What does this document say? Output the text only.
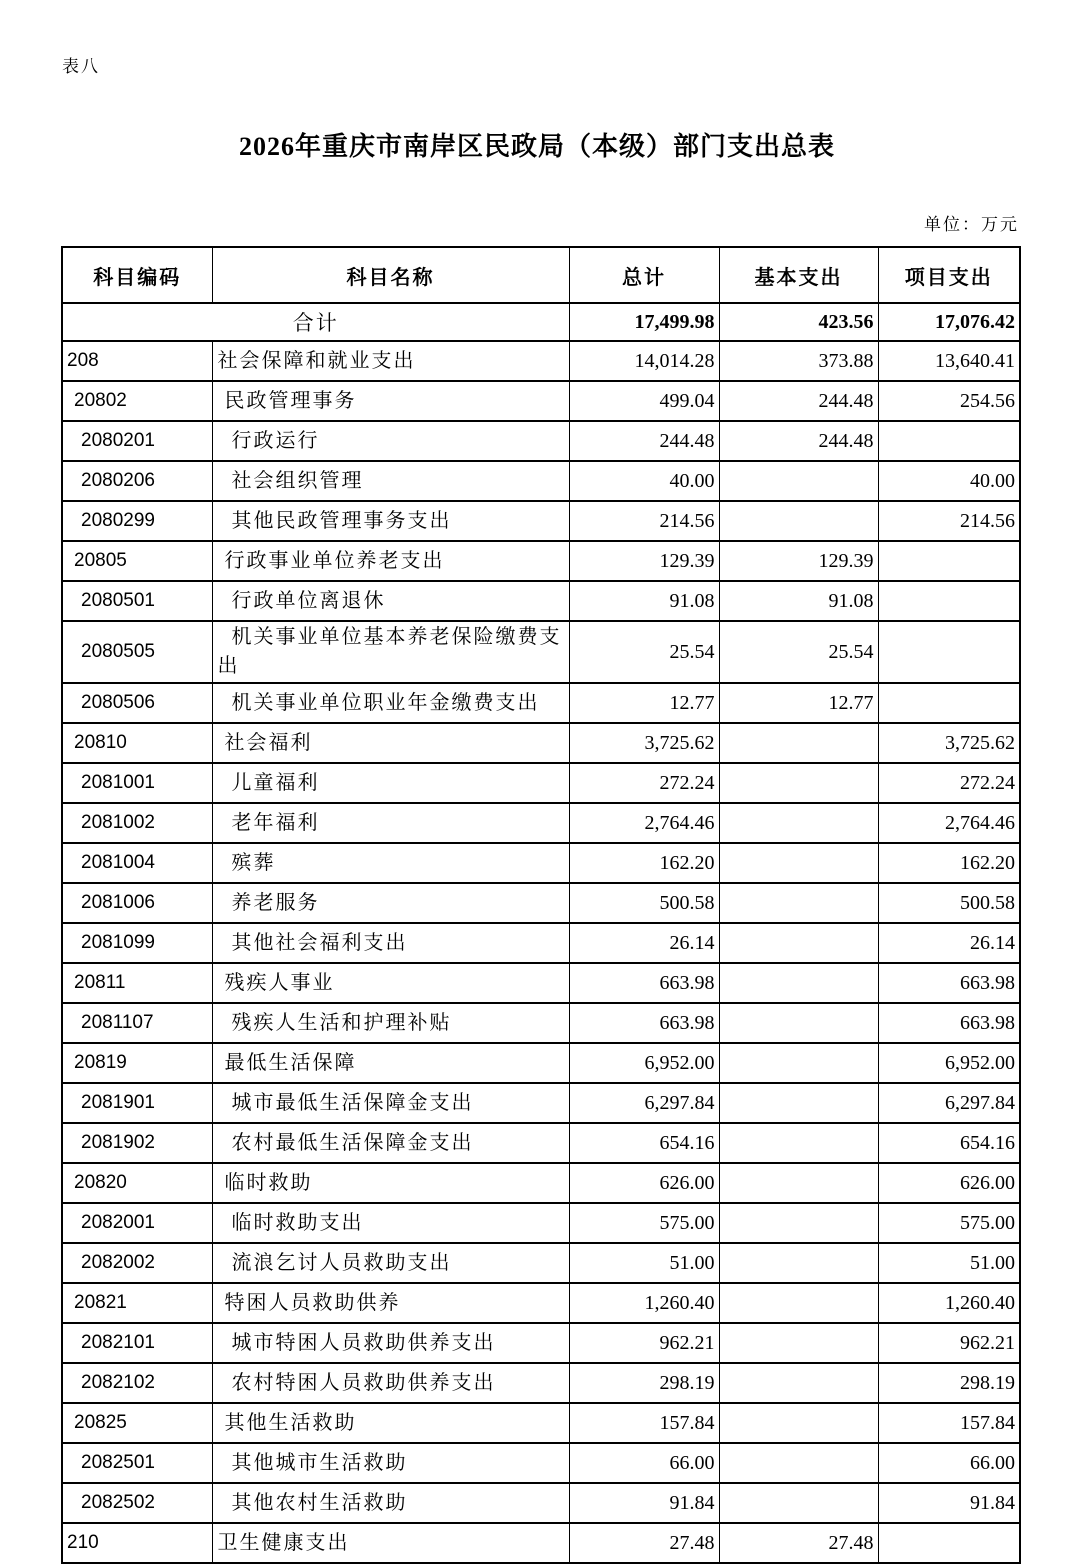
表八
2026年重庆市南岸区民政局（本级）部门支出总表
单位：万元
科目编码	科目名称	总计	基本支出	项目支出
合计		17,499.98	423.56	17,076.42
208	社会保障和就业支出	14,014.28	373.88	13,640.41
20802	民政管理事务	499.04	244.48	254.56
2080201	行政运行	244.48	244.48	
2080206	社会组织管理	40.00		40.00
2080299	其他民政管理事务支出	214.56		214.56
20805	行政事业单位养老支出	129.39	129.39	
2080501	行政单位离退休	91.08	91.08	
2080505	机关事业单位基本养老保险缴费支出	25.54	25.54	
2080506	机关事业单位职业年金缴费支出	12.77	12.77	
20810	社会福利	3,725.62		3,725.62
2081001	儿童福利	272.24		272.24
2081002	老年福利	2,764.46		2,764.46
2081004	殡葬	162.20		162.20
2081006	养老服务	500.58		500.58
2081099	其他社会福利支出	26.14		26.14
20811	残疾人事业	663.98		663.98
2081107	残疾人生活和护理补贴	663.98		663.98
20819	最低生活保障	6,952.00		6,952.00
2081901	城市最低生活保障金支出	6,297.84		6,297.84
2081902	农村最低生活保障金支出	654.16		654.16
20820	临时救助	626.00		626.00
2082001	临时救助支出	575.00		575.00
2082002	流浪乞讨人员救助支出	51.00		51.00
20821	特困人员救助供养	1,260.40		1,260.40
2082101	城市特困人员救助供养支出	962.21		962.21
2082102	农村特困人员救助供养支出	298.19		298.19
20825	其他生活救助	157.84		157.84
2082501	其他城市生活救助	66.00		66.00
2082502	其他农村生活救助	91.84		91.84
210	卫生健康支出	27.48	27.48	
